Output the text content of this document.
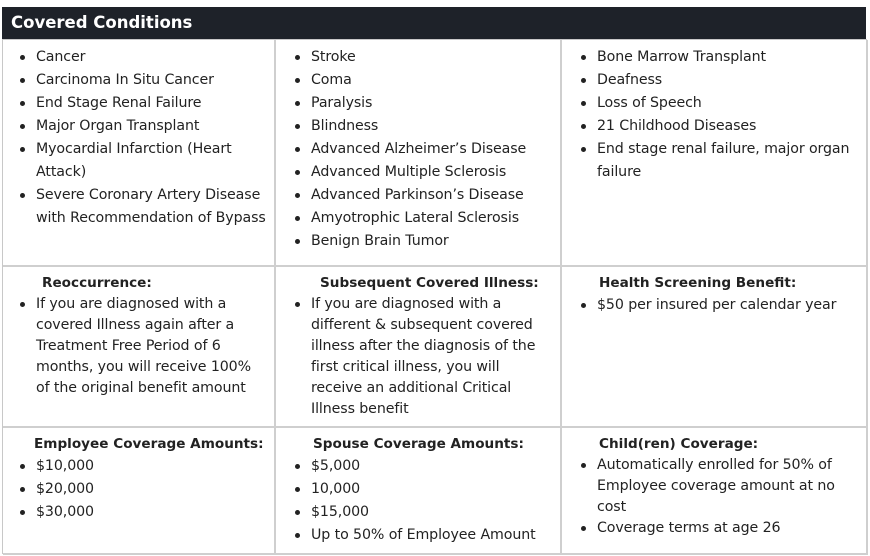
Covered Conditions
Cancer
Carcinoma In Situ Cancer
End Stage Renal Failure
Major Organ Transplant
Myocardial Infarction (Heart Attack)
Severe Coronary Artery Disease with Recommendation of Bypass
Stroke
Coma
Paralysis
Blindness
Advanced Alzheimer’s Disease
Advanced Multiple Sclerosis
Advanced Parkinson’s Disease
Amyotrophic Lateral Sclerosis
Benign Brain Tumor
Bone Marrow Transplant
Deafness
Loss of Speech
21 Childhood Diseases
End stage renal failure, major organ failure
Reoccurrence:
If you are diagnosed with a covered Illness again after a Treatment Free Period of 6 months, you will receive 100% of the original benefit amount
Subsequent Covered Illness:
If you are diagnosed with a different & subsequent covered illness after the diagnosis of the first critical illness, you will receive an additional Critical Illness benefit
Health Screening Benefit:
$50 per insured per calendar year
Employee Coverage Amounts:
$10,000
$20,000
$30,000
Spouse Coverage Amounts:
$5,000
10,000
$15,000
Up to 50% of Employee Amount
Child(ren) Coverage:
Automatically enrolled for 50% of Employee coverage amount at no cost
Coverage terms at age 26
